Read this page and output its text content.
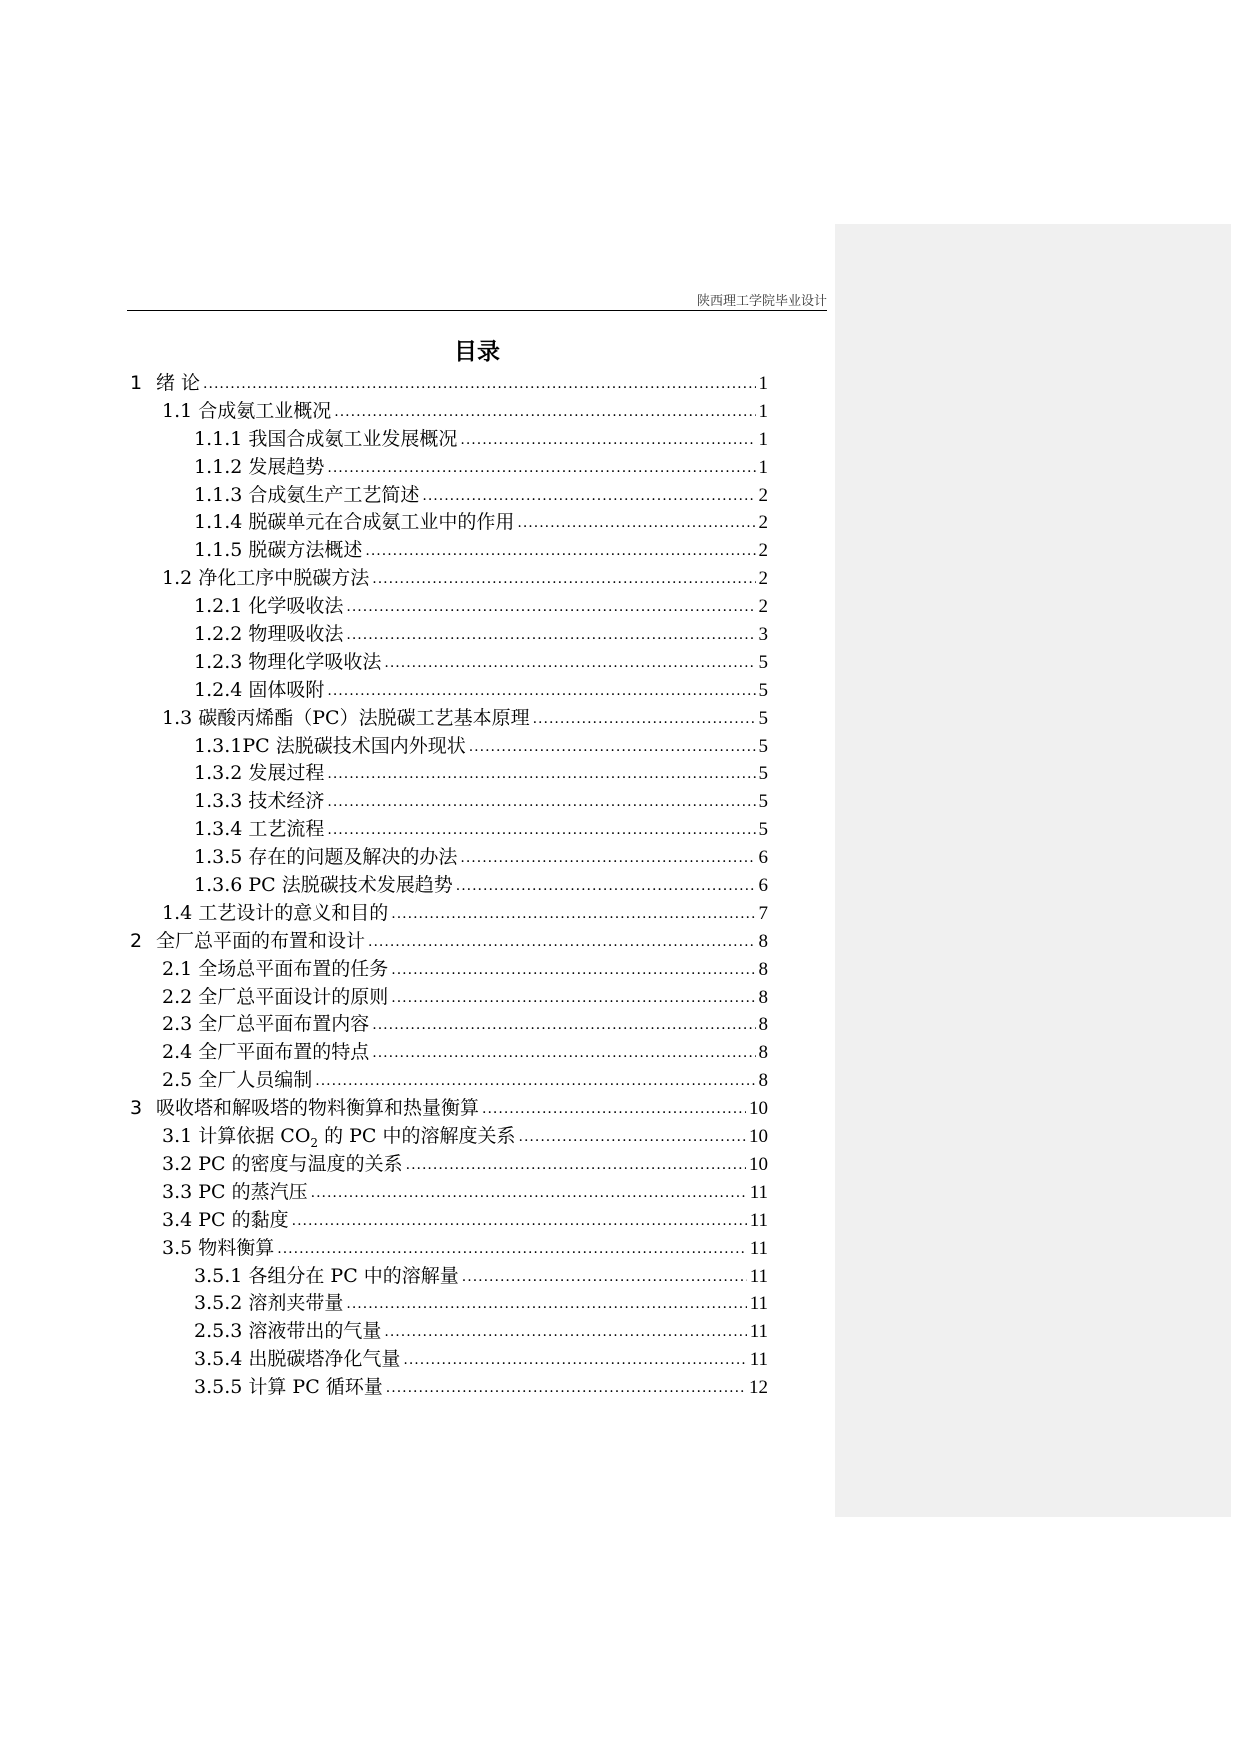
陕西理工学院毕业设计
目录
1 绪 论 .....	1
1.1 合成氨工业概况 .....	1
1.1.1 我国合成氨工业发展概况 .....	1
1.1.2 发展趋势 .....	1
1.1.3 合成氨生产工艺简述 .....	2
1.1.4 脱碳单元在合成氨工业中的作用 .....	2
1.1.5 脱碳方法概述 .....	2
1.2 净化工序中脱碳方法 .....	2
1.2.1 化学吸收法 .....	2
1.2.2 物理吸收法 .....	3
1.2.3 物理化学吸收法 .....	5
1.2.4 固体吸附 .....	5
1.3 碳酸丙烯酯（PC）法脱碳工艺基本原理 .....	5
1.3.1PC 法脱碳技术国内外现状 .....	5
1.3.2 发展过程 .....	5
1.3.3 技术经济 .....	5
1.3.4 工艺流程 .....	5
1.3.5 存在的问题及解决的办法 .....	6
1.3.6 PC 法脱碳技术发展趋势 .....	6
1.4 工艺设计的意义和目的 .....	7
2 全厂总平面的布置和设计 .....	8
2.1 全场总平面布置的任务 .....	8
2.2 全厂总平面设计的原则 .....	8
2.3 全厂总平面布置内容 .....	8
2.4 全厂平面布置的特点 .....	8
2.5 全厂人员编制 .....	8
3 吸收塔和解吸塔的物料衡算和热量衡算 .....	10
3.1 计算依据 $CO_2$ 的 PC 中的溶解度关系 .....	10
3.2 PC 的密度与温度的关系 .....	10
3.3 PC 的蒸汽压 .....	11
3.4 PC 的黏度 .....	11
3.5 物料衡算 .....	11
3.5.1 各组分在 PC 中的溶解量 .....	11
3.5.2 溶剂夹带量 .....	11
2.5.3 溶液带出的气量 .....	11
3.5.4 出脱碳塔净化气量 .....	11
3.5.5 计算 PC 循环量 .....	12
